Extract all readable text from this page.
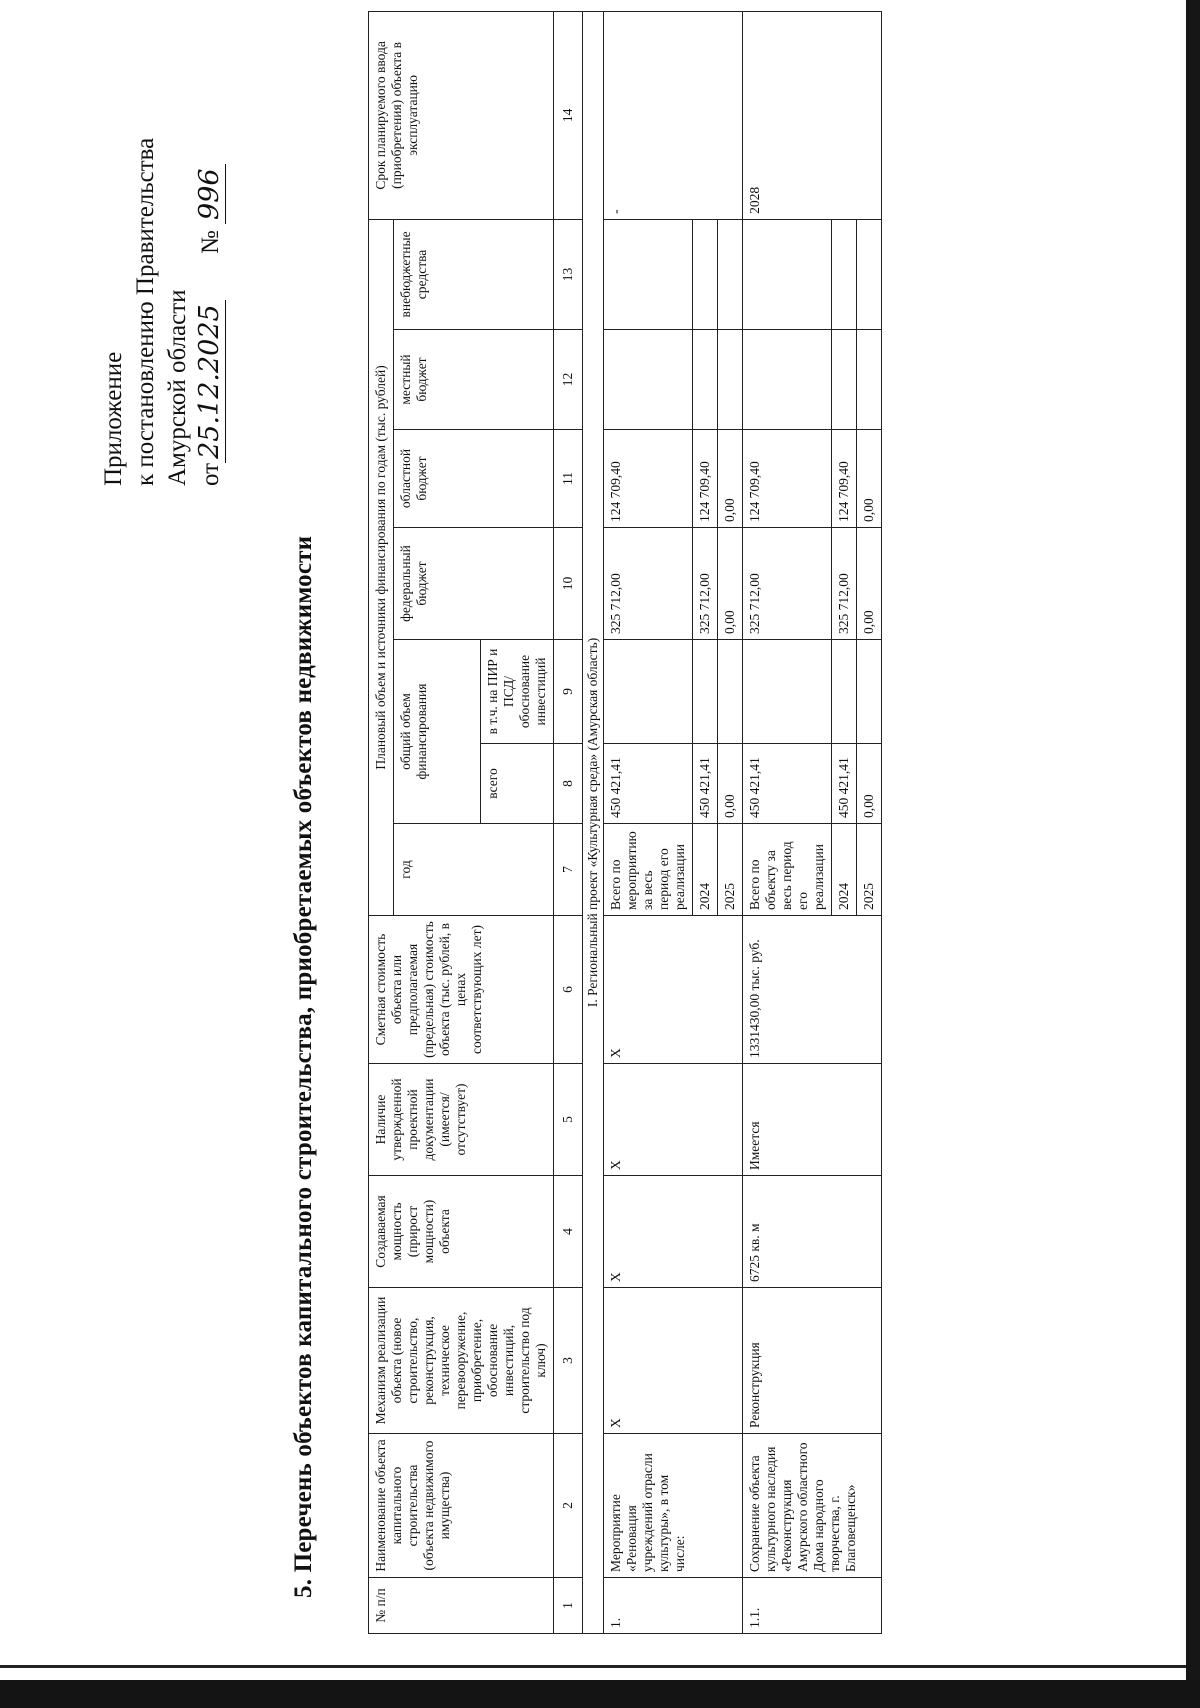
Приложение к постановлению Правительства Амурской области от25.12.2025 № 996
5. Перечень объектов капитального строительства, приобретаемых объектов недвижимости
№ п/п	Наименование объекта капитального строительства (объекта недвижимого имущества)	Механизм реализации объекта (новое строительство, реконструкция, техническое перевооружение, приобретение, обоснование инвестиций, строительство под ключ)	Создаваемая мощность (прирост мощности) объекта	Наличие утвержденной проектной документации (имеется/ отсутствует)	Сметная стоимость объекта или предполагаемая (предельная) стоимость объекта (тыс. рублей, в ценах соответствующих лет)	Плановый объем и источники финансирования по годам (тыс. рублей)							Срок планируемого ввода (приобретения) объекта в эксплуатацию
						год	общий объем финансирования		федеральный бюджет	областной бюджет	местный бюджет	внебюджетные средства	
							всего	в т.ч. на ПИР и ПСД/ обоснование инвестиций					
1	2	3	4	5	6	7	8	9	10	11	12	13	14
I. Региональный проект «Культурная среда» (Амурская область)													
1.	Мероприятие «Реновация учреждений отрасли культуры», в том числе:	Х	Х	Х	Х	Всего по мероприятию за весь период его реализации	450 421,41		325 712,00	124 709,40			-
						2024	450 421,41		325 712,00	124 709,40			
						2025	0,00		0,00	0,00			
1.1.	Сохранение объекта культурного наследия «Реконструкция Амурского областного Дома народного творчества, г. Благовещенск»	Реконструкция	6725 кв. м	Имеется	1331430,00 тыс. руб.	Всего по объекту за весь период его реализации	450 421,41		325 712,00	124 709,40			2028
						2024	450 421,41		325 712,00	124 709,40			
						2025	0,00		0,00	0,00			
